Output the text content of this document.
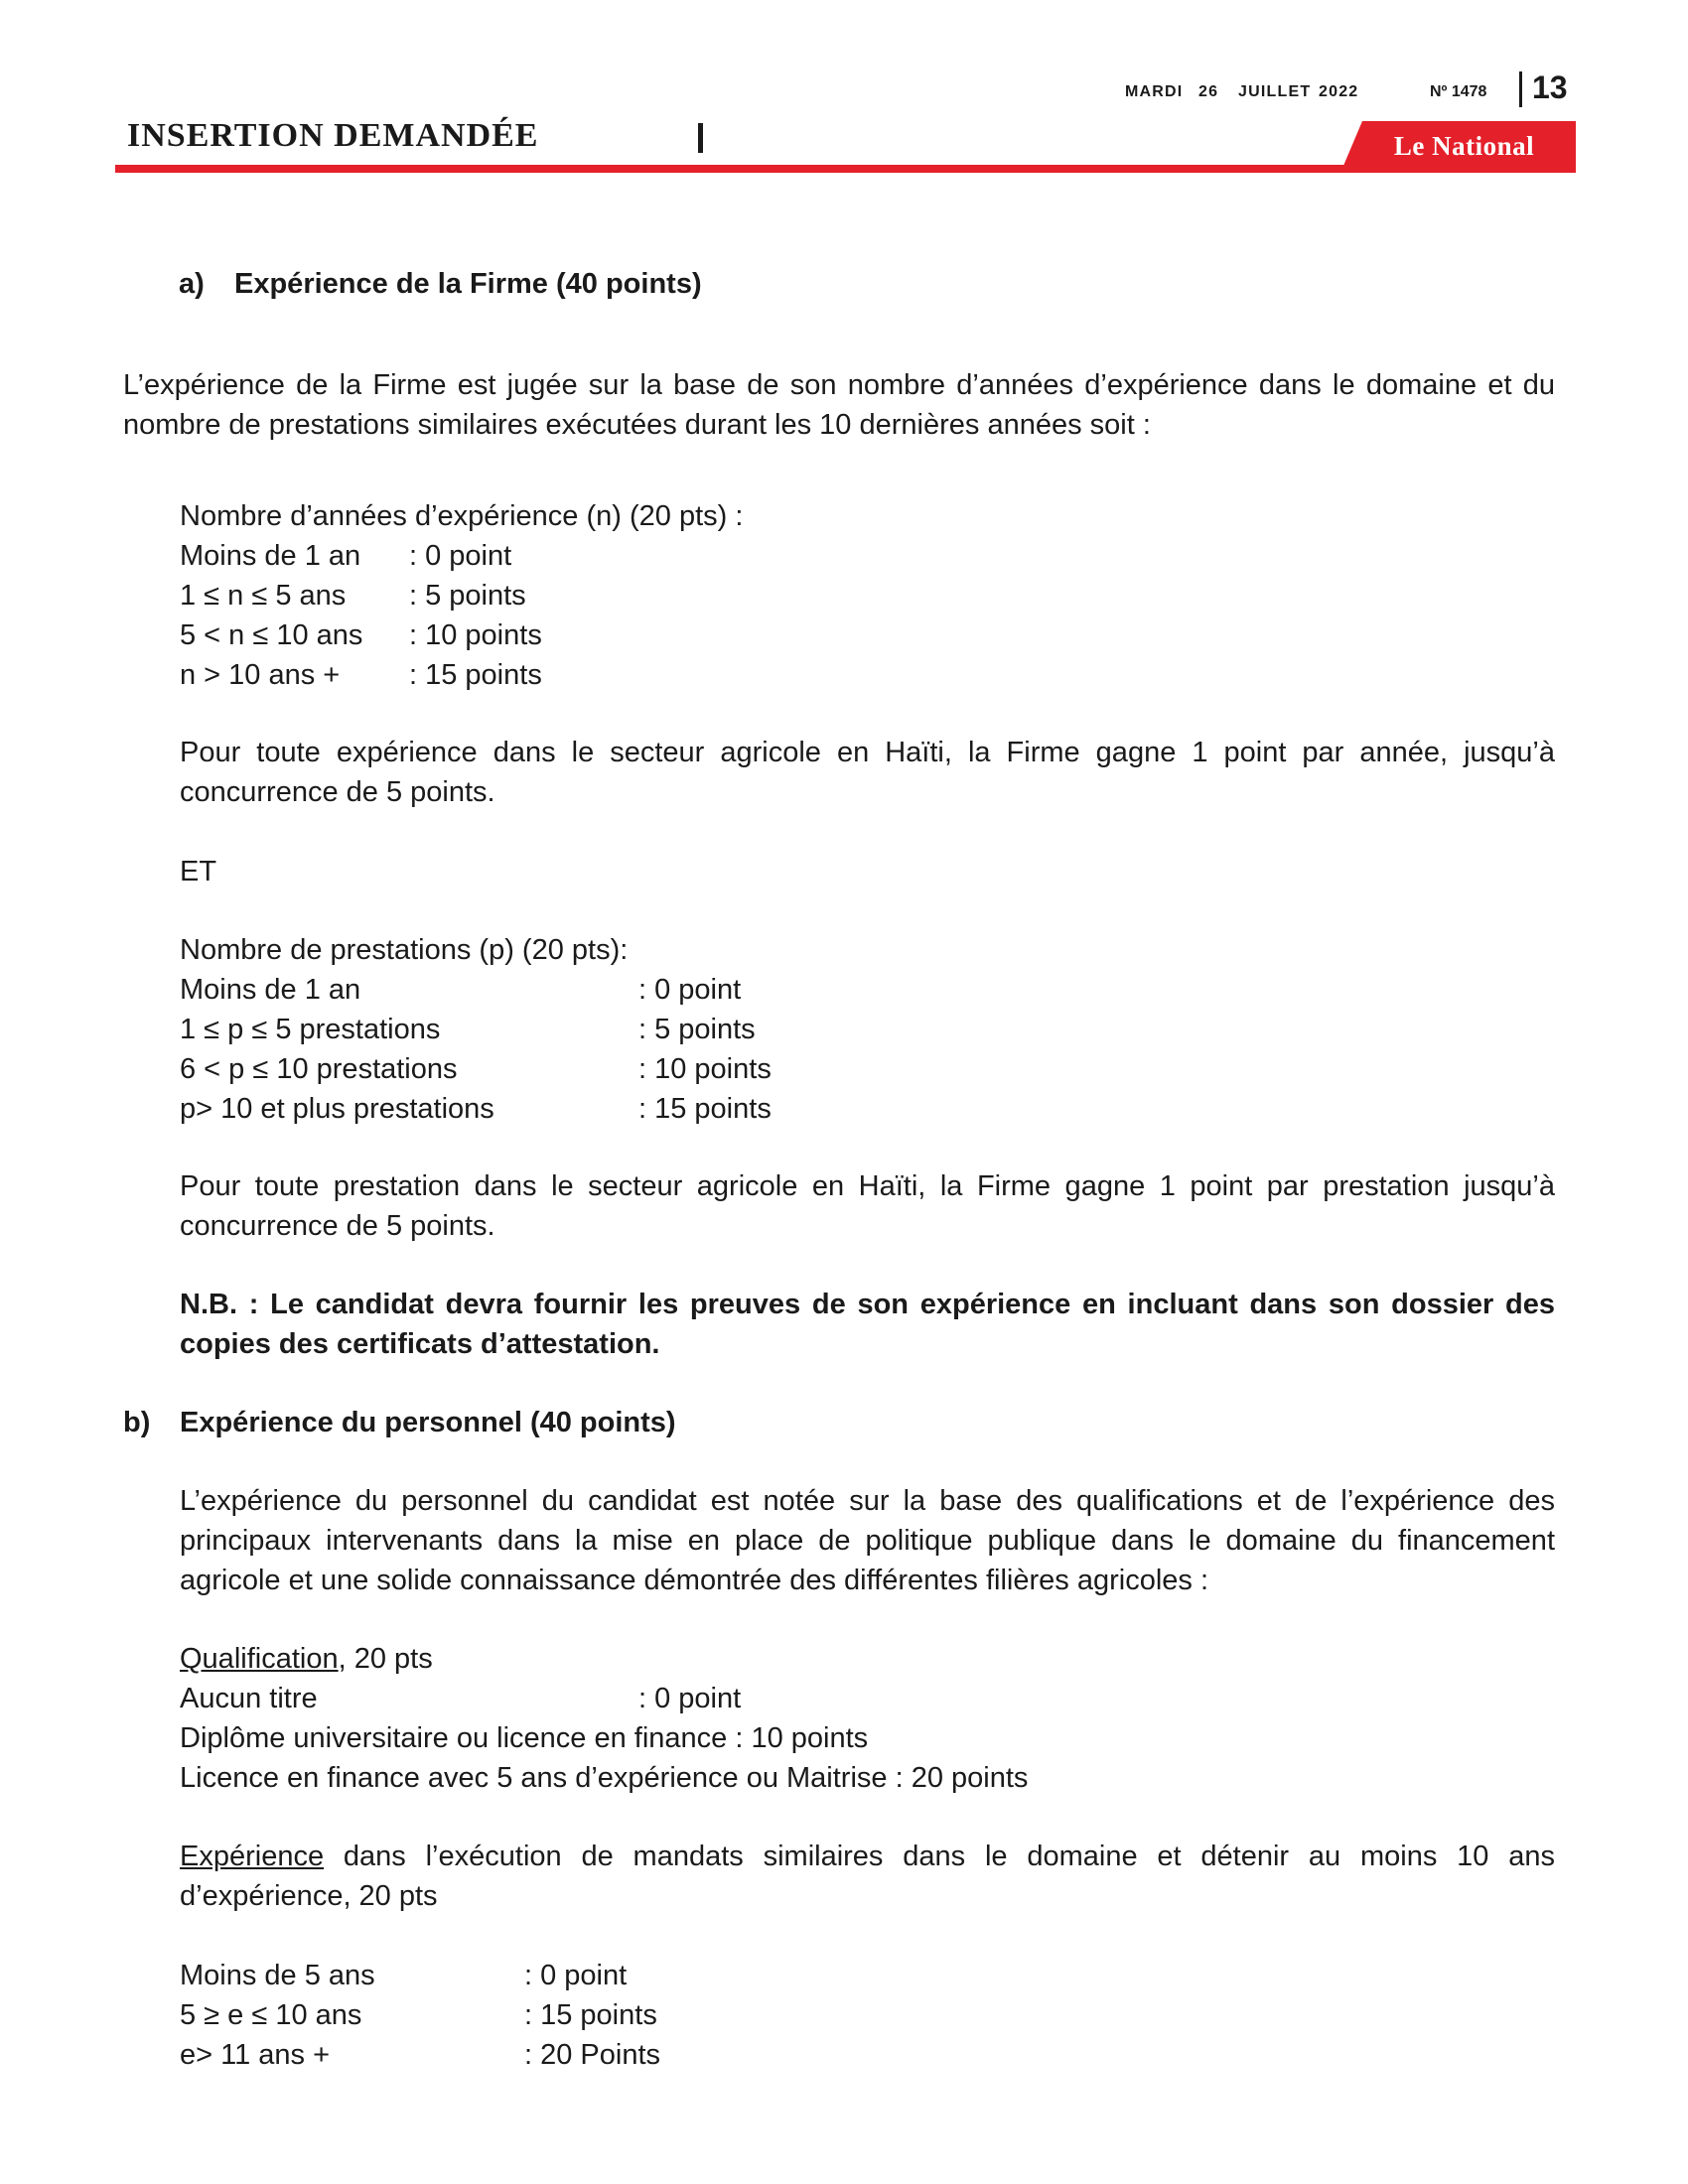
INSERTION DEMANDÉE
MARDI 26 JUILLET 2022	Nº 1478 13
Le National
a) Expérience de la Firme (40 points)
L’expérience de la Firme est jugée sur la base de son nombre d’années d’expérience dans le domaine et du nombre de prestations similaires exécutées durant les 10 dernières années soit :
Nombre d’années d’expérience (n) (20 pts) :
Moins de 1 an : 0 point
1 ≤ n ≤ 5 ans : 5 points
5 < n ≤ 10 ans : 10 points
n > 10 ans + : 15 points
Pour toute expérience dans le secteur agricole en Haïti, la Firme gagne 1 point par année, jusqu’à concurrence de 5 points.
ET
Nombre de prestations (p) (20 pts):
Moins de 1 an	: 0 point
1 ≤ p ≤ 5 prestations	: 5 points
6 < p ≤ 10 prestations	: 10 points
p> 10 et plus prestations	: 15 points
Pour toute prestation dans le secteur agricole en Haïti, la Firme gagne 1 point par prestation jusqu’à concurrence de 5 points.
N.B. : Le candidat devra fournir les preuves de son expérience en incluant dans son dossier des copies des certificats d’attestation.
b) Expérience du personnel (40 points)
L’expérience du personnel du candidat est notée sur la base des qualifications et de l’expérience des principaux intervenants dans la mise en place de politique publique dans le domaine du financement agricole et une solide connaissance démontrée des différentes filières agricoles :
Qualification, 20 pts
Aucun titre	: 0 point
Diplôme universitaire ou licence en finance : 10 points
Licence en finance avec 5 ans d’expérience ou Maitrise : 20 points
Expérience dans l’exécution de mandats similaires dans le domaine et détenir au moins 10 ans d’expérience, 20 pts
Moins de 5 ans	: 0 point
5 ≥ e ≤ 10 ans	: 15 points
e> 11 ans +	: 20 Points
